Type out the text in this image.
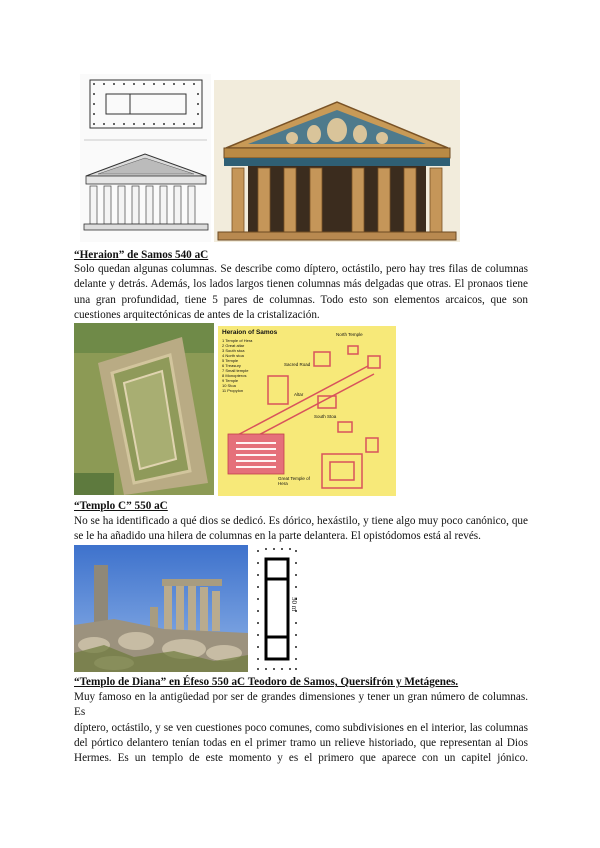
“Heraion” de Samos 540 aC

Solo quedan algunas columnas. Se describe como díptero, octástilo, pero hay tres filas de columnas
delante y detrás. Además, los lados largos tienen columnas más delgadas que otras. El pronaos tiene
una gran profundidad, tiene 5 pares de columnas. Todo esto son elementos arcaicos, que son
cuestiones arquitectónicas de antes de la cristalización.

Heraion of Samos
1 Temple of Hera
2 Great altar
3 South stoa
4 North stoa
5 Temple
6 Treasury
7 Small temple
8 Monopteros
9 Temple
10 Stoa
11 Propylon
North Temple
South Stoa
Great Temple of Hera
Sacred Road
Altar
“Templo C” 550 aC

No se ha identificado a qué dios se dedicó. Es dórico, hexástilo, y tiene algo muy poco canónico, que
se le ha añadido una hilera de columnas en la parte delantera. El opistódomos está al revés.

50 m
“Templo de Diana” en Éfeso 550 aC Teodoro de Samos, Quersifrón y Metágenes.

Muy famoso en la antigüedad por ser de grandes dimensiones y tener un gran número de columnas. Es
díptero, octástilo, y se ven cuestiones poco comunes, como subdivisiones en el interior, las columnas
del pórtico delantero tenían todas en el primer tramo un relieve historiado, que representan al Dios
Hermes. Es un templo de este momento y es el primero que aparece con un capitel jónico.
